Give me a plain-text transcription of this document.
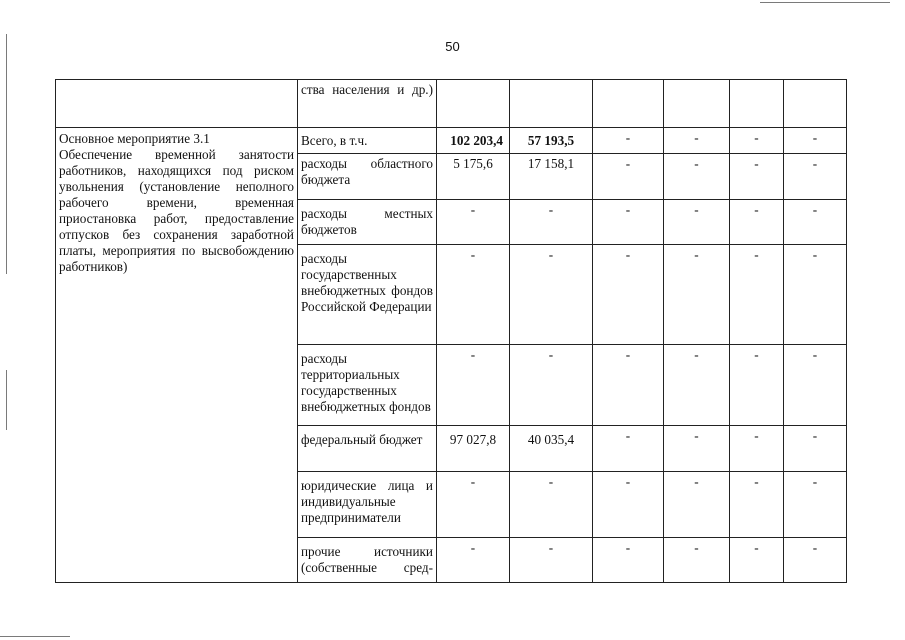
50
	ства населения и др.)						

Основное мероприятие 3.1
Обеспечение временной занятости работников, находящихся под риском увольнения (установление неполного рабочего времени, временная приостановка работ, предоставление отпусков без сохранения заработной платы, мероприятия по высвобождению работников)	Всего, в т.ч.	102 203,4	57 193,5	-	-	-	-

	расходы областного бюджета	5 175,6	17 158,1	-	-	-	-

	расходы местных бюджетов	-	-	-	-	-	-

	расходы государственных внебюджетных фондов Российской Федерации	-	-	-	-	-	-

	расходы территориальных государственных внебюджетных фондов	-	-	-	-	-	-

	федеральный бюджет	97 027,8	40 035,4	-	-	-	-

	юридические лица и индивидуальные предприниматели	-	-	-	-	-	-
	прочие источники (собственные сред-	-	-	-	-	-	-
